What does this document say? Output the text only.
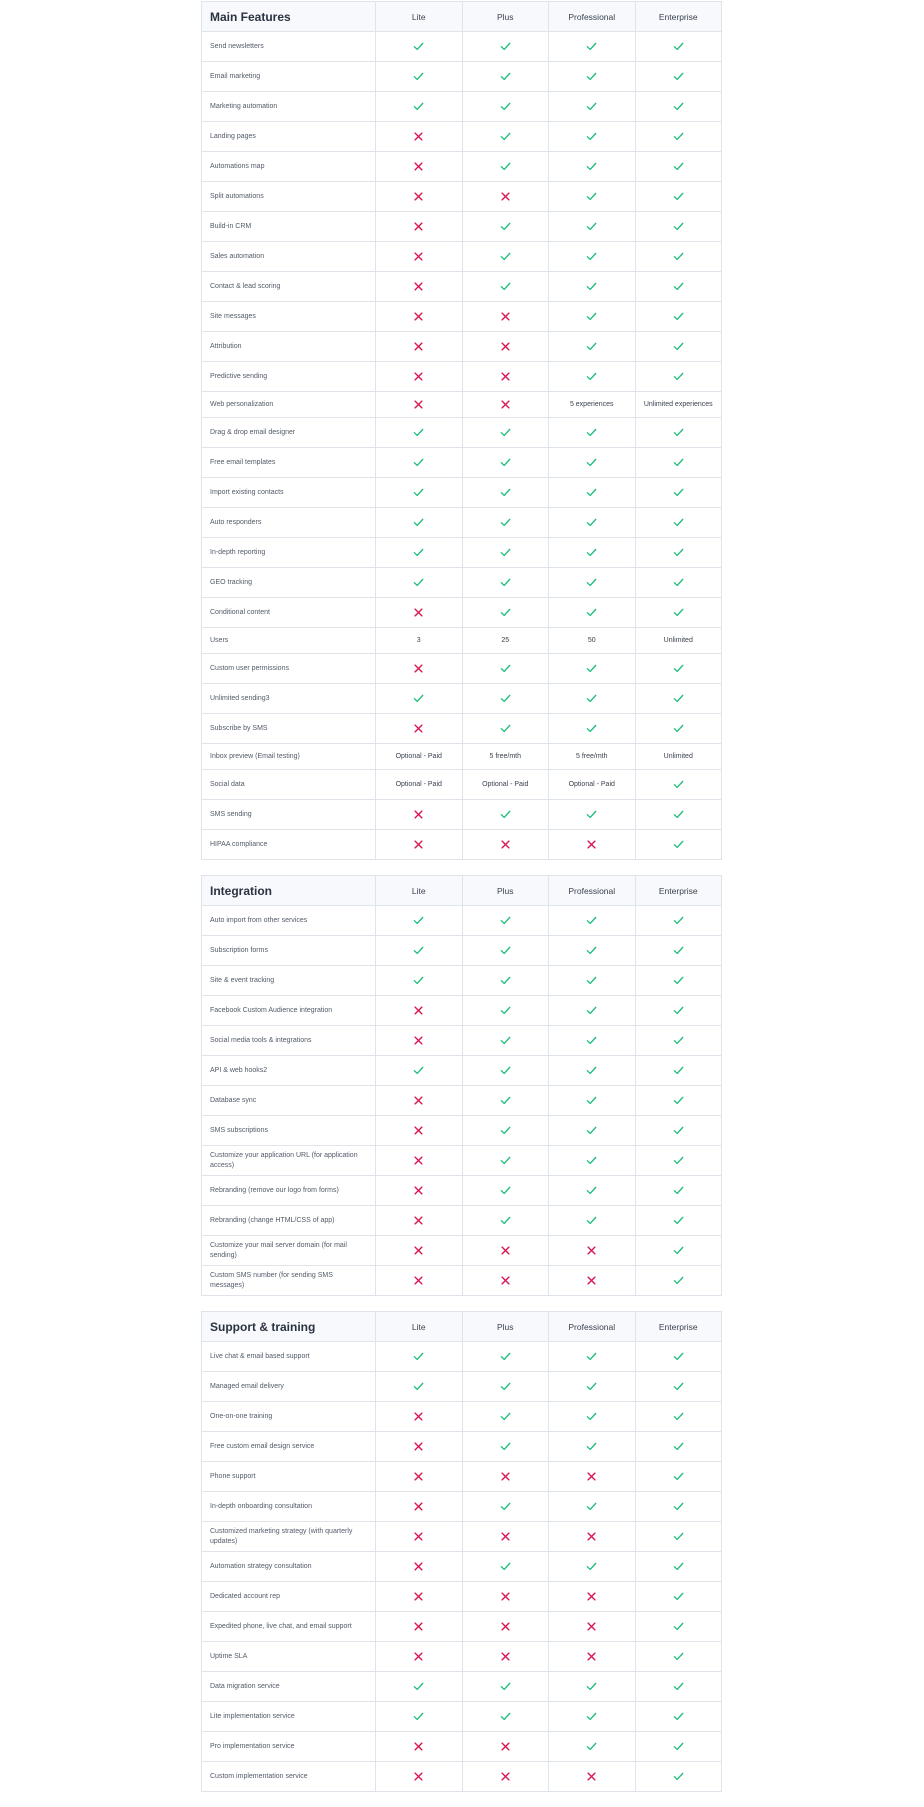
Main Features	Lite	Plus	Professional	Enterprise
Send newsletters	

Email marketing	

Marketing automation	

Landing pages	

Automations map	

Split automations	

Build-in CRM	

Sales automation	

Contact & lead scoring	

Site messages	

Attribution	

Predictive sending	

Web personalization			5 experiences	Unlimited experiences
Drag & drop email designer	

Free email templates	

Import existing contacts	

Auto responders	

In-depth reporting	

GEO tracking	

Conditional content	

Users	3	25	50	Unlimited
Custom user permissions	

Unlimited sending3	

Subscribe by SMS	

Inbox preview (Email testing)	Optional - Paid	5 free/mth	5 free/mth	Unlimited
Social data	Optional - Paid	Optional - Paid	Optional - Paid	

SMS sending	

HIPAA compliance	

Integration	Lite	Plus	Professional	Enterprise
Auto import from other services	

Subscription forms	

Site & event tracking	

Facebook Custom Audience integration	

Social media tools & integrations	

API & web hooks2	

Database sync	

SMS subscriptions	

Customize your application URL (for application access)	

Rebranding (remove our logo from forms)	

Rebranding (change HTML/CSS of app)	

Customize your mail server domain (for mail sending)	

Custom SMS number (for sending SMS messages)	

Support & training	Lite	Plus	Professional	Enterprise
Live chat & email based support	

Managed email delivery	

One-on-one training	

Free custom email design service	

Phone support	

In-depth onboarding consultation	

Customized marketing strategy (with quarterly updates)	

Automation strategy consultation	

Dedicated account rep	

Expedited phone, live chat, and email support	

Uptime SLA	

Data migration service	

Lite implementation service	

Pro implementation service	

Custom implementation service	
